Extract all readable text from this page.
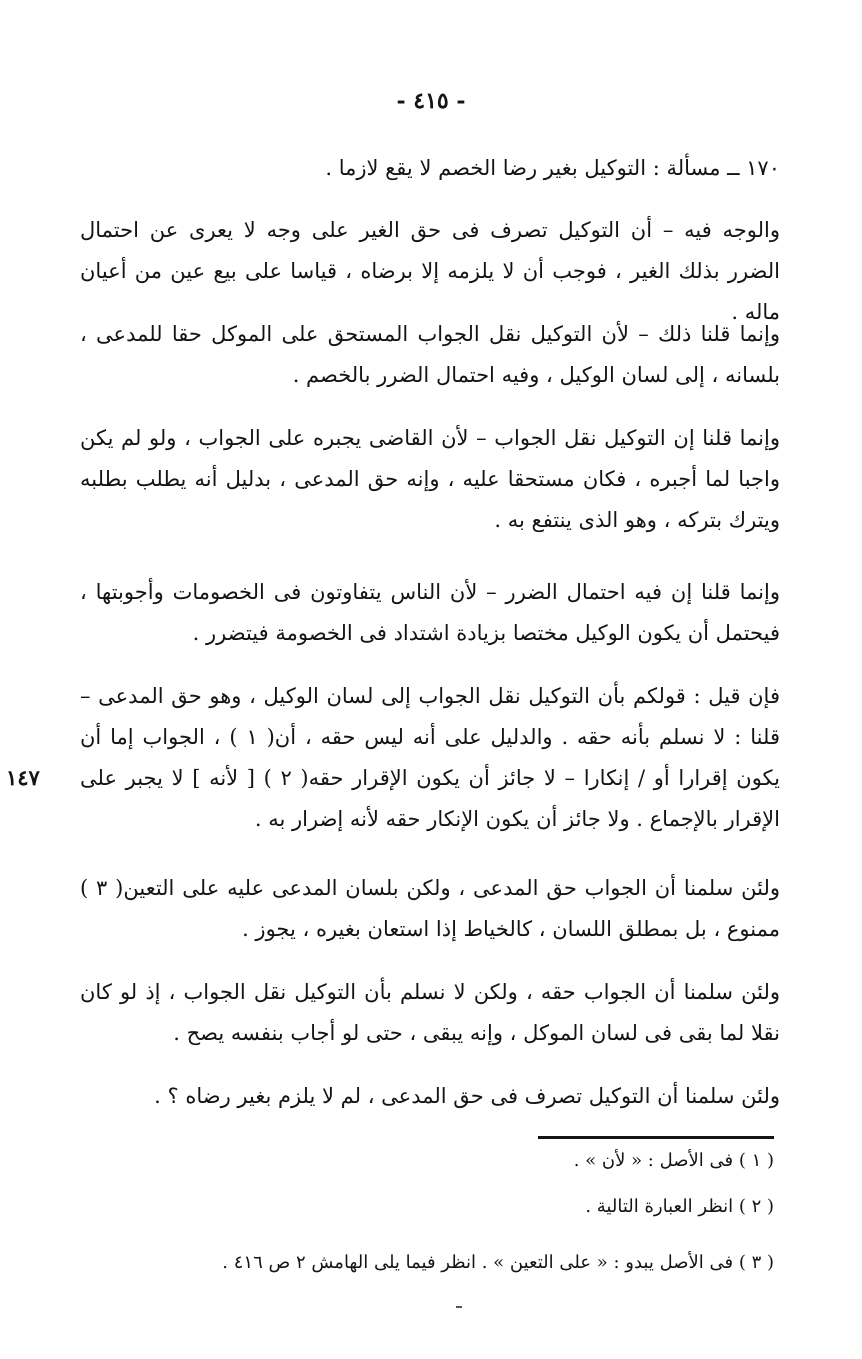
- ٤١٥ -

١٧٠ ــ مسألة : التوكيل بغير رضا الخصم لا يقع لازما .

والوجه فيه – أن التوكيل تصرف فى حق الغير على وجه لا يعرى عن احتمال الضرر بذلك الغير ، فوجب أن لا يلزمه إلا برضاه ، قياسا على بيع عين من أعيان ماله .

وإنما قلنا ذلك – لأن التوكيل نقل الجواب المستحق على الموكل حقا للمدعى ، بلسانه ، إلى لسان الوكيل ، وفيه احتمال الضرر بالخصم .

وإنما قلنا إن التوكيل نقل الجواب – لأن القاضى يجبره على الجواب ، ولو لم يكن واجبا لما أجبره ، فكان مستحقا عليه ، وإنه حق المدعى ، بدليل أنه يطلب بطلبه ويترك بتركه ، وهو الذى ينتفع به .

وإنما قلنا إن فيه احتمال الضرر – لأن الناس يتفاوتون فى الخصومات وأجوبتها ، فيحتمل أن يكون الوكيل مختصا بزيادة اشتداد فى الخصومة فيتضرر .

فإن قيل : قولكم بأن التوكيل نقل الجواب إلى لسان الوكيل ، وهو حق المدعى – قلنا : لا نسلم بأنه حقه . والدليل على أنه ليس حقه ، أن( ١ ) ، الجواب إما أن يكون إقرارا أو / إنكارا – لا جائز أن يكون الإقرار حقه( ٢ ) [ لأنه ] لا يجبر على الإقرار بالإجماع . ولا جائز أن يكون الإنكار حقه لأنه إضرار به .

١٤٧

ولئن سلمنا أن الجواب حق المدعى ، ولكن بلسان المدعى عليه على التعين( ٣ ) ممنوع ، بل بمطلق اللسان ، كالخياط إذا استعان بغيره ، يجوز .

ولئن سلمنا أن الجواب حقه ، ولكن لا نسلم بأن التوكيل نقل الجواب ، إذ لو كان نقلا لما بقى فى لسان الموكل ، وإنه يبقى ، حتى لو أجاب بنفسه يصح .

ولئن سلمنا أن التوكيل تصرف فى حق المدعى ، لم لا يلزم بغير رضاه ؟ .

( ١ ) فى الأصل : « لأن » .

( ٢ ) انظر العبارة التالية .

( ٣ ) فى الأصل يبدو : « على التعين » . انظر فيما يلى الهامش ٢ ص ٤١٦ .
